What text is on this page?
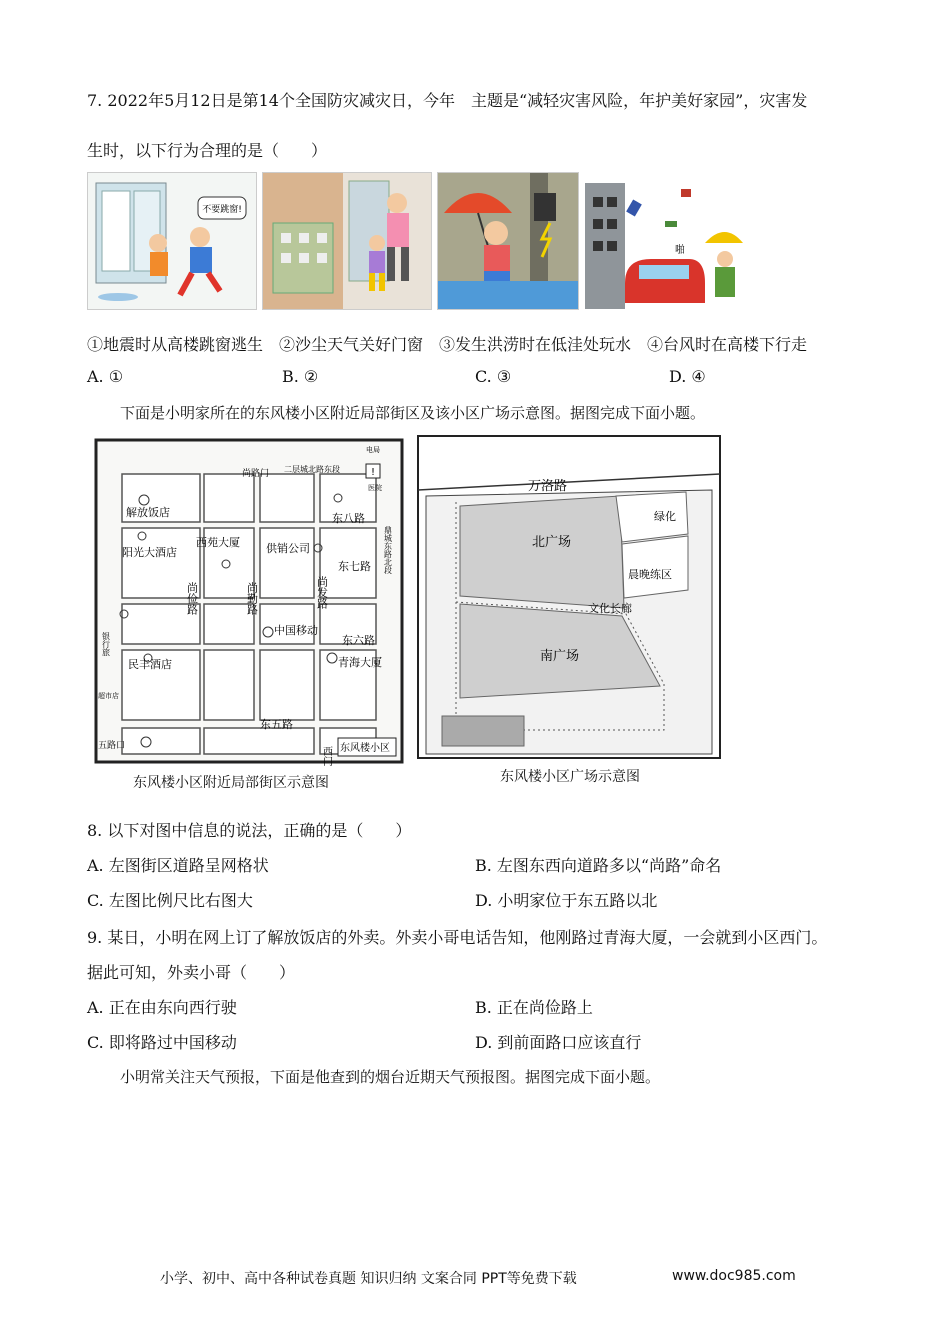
7. 2022年5月12日是第14个全国防灾减灾日，今年　主题是“减轻灾害风险，年护美好家园”，灾害发
生时，以下行为合理的是（　　）
不要跳窗!
啪
①地震时从高楼跳窗逃生　②沙尘天气关好门窗　③发生洪涝时在低洼处玩水　④台风时在高楼下行走
A. ①	B. ②	C. ③	D. ④
下面是小明家所在的东风楼小区附近局部街区及该小区广场示意图。据图完成下面小题。
尚路门 二层城北路东段
电局
!
医院
解放饭店	东八路
阳光大酒店
西苑大厦 供销公司
东七路
尚俭路	尚勤路	尚发路
鼎城东路北段
中国移动
银行旅	东六路
民丰酒店	青海大厦
超市店
东五路
西门 东风楼小区
五路口
东风楼小区附近局部街区示意图
万洛路
北广场
绿化
晨晚练区
文化长廊
南广场
东风楼小区广场示意图
8. 以下对图中信息的说法，正确的是（　　）
A. 左图街区道路呈网格状	B. 左图东西向道路多以“尚路”命名
C. 左图比例尺比右图大	D. 小明家位于东五路以北
9. 某日，小明在网上订了解放饭店的外卖。外卖小哥电话告知，他刚路过青海大厦，一会就到小区西门。
据此可知，外卖小哥（　　）
A. 正在由东向西行驶	B. 正在尚俭路上
C. 即将路过中国移动	D. 到前面路口应该直行
小明常关注天气预报，下面是他查到的烟台近期天气预报图。据图完成下面小题。
小学、初中、高中各种试卷真题 知识归纳 文案合同 PPT等免费下载	www.doc985.com
